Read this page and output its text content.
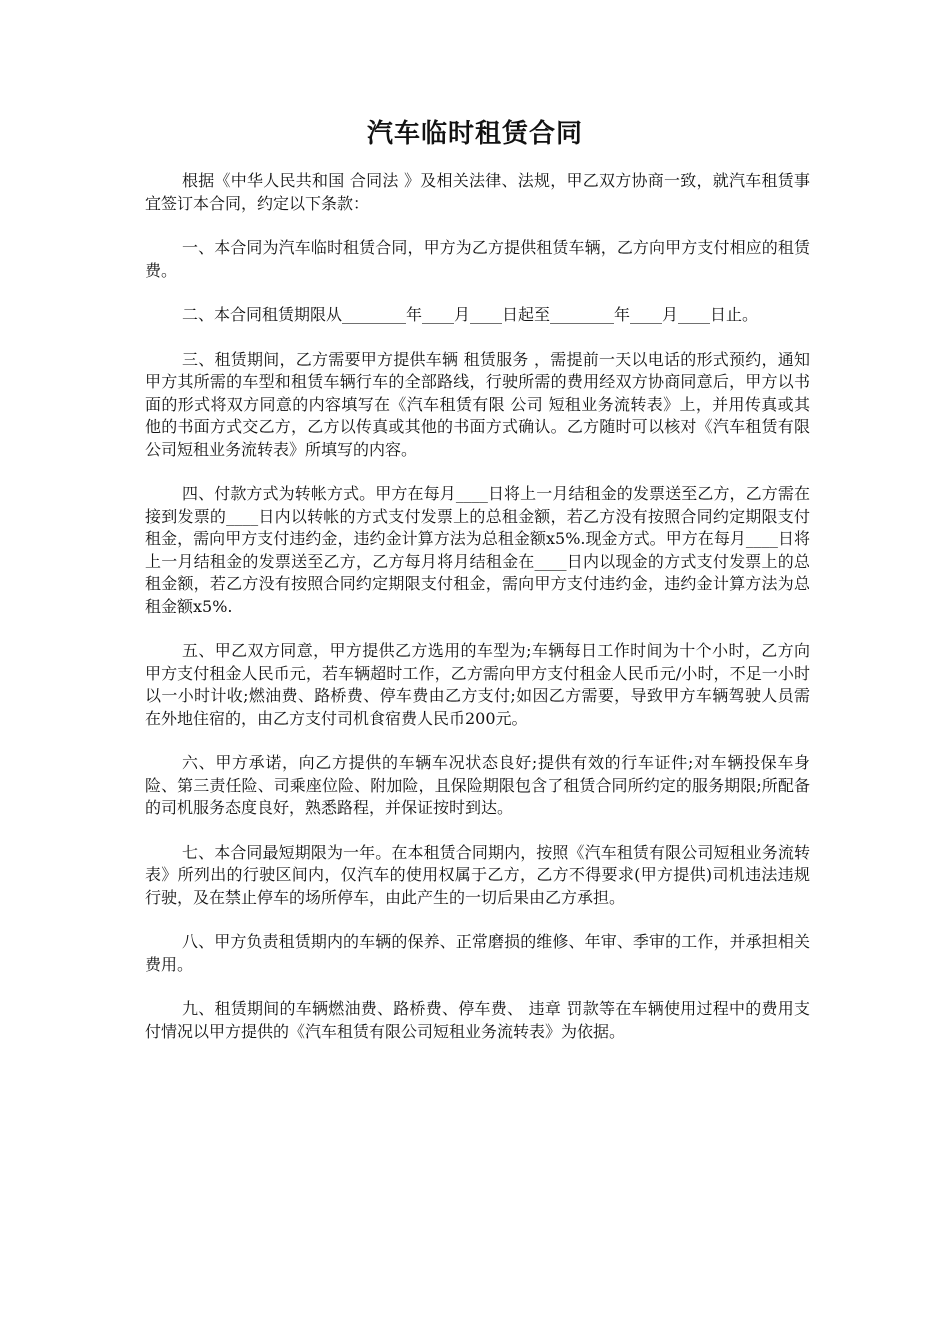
汽车临时租赁合同

根据《中华人民共和国 合同法 》及相关法律、法规，甲乙双方协商一致，就汽车租赁事宜签订本合同，约定以下条款：

一、本合同为汽车临时租赁合同，甲方为乙方提供租赁车辆，乙方向甲方支付相应的租赁费。

二、本合同租赁期限从________年____月____日起至________年____月____日止。

三、租赁期间，乙方需要甲方提供车辆 租赁服务 ，需提前一天以电话的形式预约，通知甲方其所需的车型和租赁车辆行车的全部路线，行驶所需的费用经双方协商同意后，甲方以书面的形式将双方同意的内容填写在《汽车租赁有限 公司 短租业务流转表》上，并用传真或其他的书面方式交乙方，乙方以传真或其他的书面方式确认。乙方随时可以核对《汽车租赁有限公司短租业务流转表》所填写的内容。

四、付款方式为转帐方式。甲方在每月____日将上一月结租金的发票送至乙方，乙方需在接到发票的____日内以转帐的方式支付发票上的总租金额，若乙方没有按照合同约定期限支付租金，需向甲方支付违约金，违约金计算方法为总租金额x5%.现金方式。甲方在每月____日将上一月结租金的发票送至乙方，乙方每月将月结租金在____日内以现金的方式支付发票上的总租金额，若乙方没有按照合同约定期限支付租金，需向甲方支付违约金，违约金计算方法为总租金额x5%.

五、甲乙双方同意，甲方提供乙方选用的车型为;车辆每日工作时间为十个小时，乙方向甲方支付租金人民币元，若车辆超时工作，乙方需向甲方支付租金人民币元/小时，不足一小时以一小时计收;燃油费、路桥费、停车费由乙方支付;如因乙方需要，导致甲方车辆驾驶人员需在外地住宿的，由乙方支付司机食宿费人民币200元。

六、甲方承诺，向乙方提供的车辆车况状态良好;提供有效的行车证件;对车辆投保车身险、第三责任险、司乘座位险、附加险，且保险期限包含了租赁合同所约定的服务期限;所配备的司机服务态度良好，熟悉路程，并保证按时到达。

七、本合同最短期限为一年。在本租赁合同期内，按照《汽车租赁有限公司短租业务流转表》所列出的行驶区间内，仅汽车的使用权属于乙方，乙方不得要求(甲方提供)司机违法违规行驶，及在禁止停车的场所停车，由此产生的一切后果由乙方承担。

八、甲方负责租赁期内的车辆的保养、正常磨损的维修、年审、季审的工作，并承担相关费用。

九、租赁期间的车辆燃油费、路桥费、停车费、 违章 罚款等在车辆使用过程中的费用支付情况以甲方提供的《汽车租赁有限公司短租业务流转表》为依据。
